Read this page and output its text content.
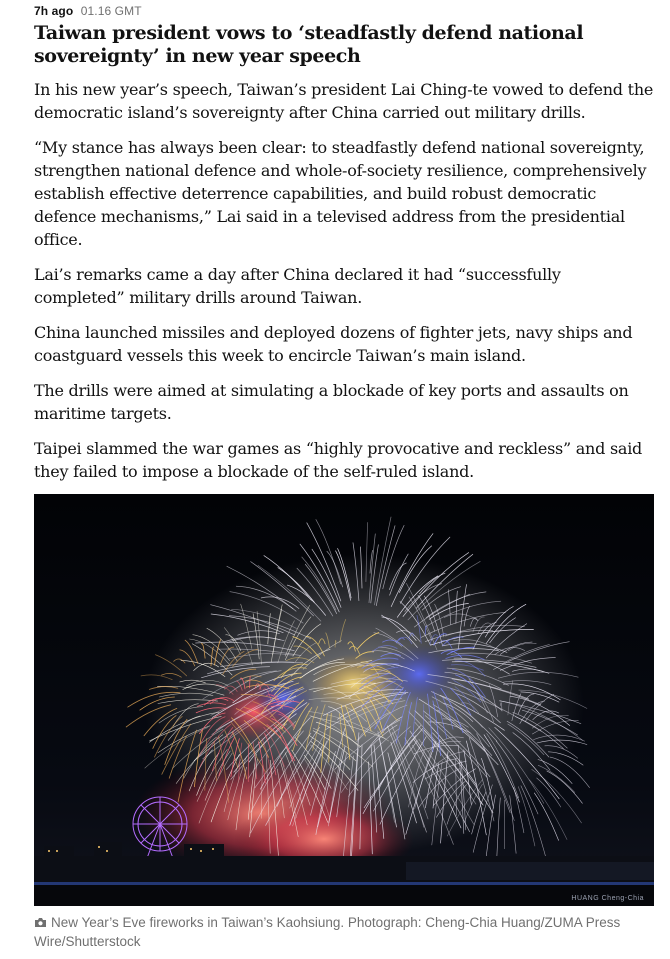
7h ago 01.16 GMT
Taiwan president vows to ‘steadfastly defend national sovereignty’ in new year speech

In his new year’s speech, Taiwan’s president Lai Ching-te vowed to defend the democratic island’s sovereignty after China carried out military drills.

“My stance has always been clear: to steadfastly defend national sovereignty, strengthen national defence and whole-of-society resilience, comprehensively establish effective deterrence capabilities, and build robust democratic defence mechanisms,” Lai said in a televised address from the presidential office.

Lai’s remarks came a day after China declared it had “successfully completed” military drills around Taiwan.

China launched missiles and deployed dozens of fighter jets, navy ships and coastguard vessels this week to encircle Taiwan’s main island.

The drills were aimed at simulating a blockade of key ports and assaults on maritime targets.

Taipei slammed the war games as “highly provocative and reckless” and said they failed to impose a blockade of the self-ruled island.

HUANG Cheng-Chia
New Year’s Eve fireworks in Taiwan’s Kaohsiung. Photograph: Cheng-Chia Huang/ZUMA Press Wire/Shutterstock
